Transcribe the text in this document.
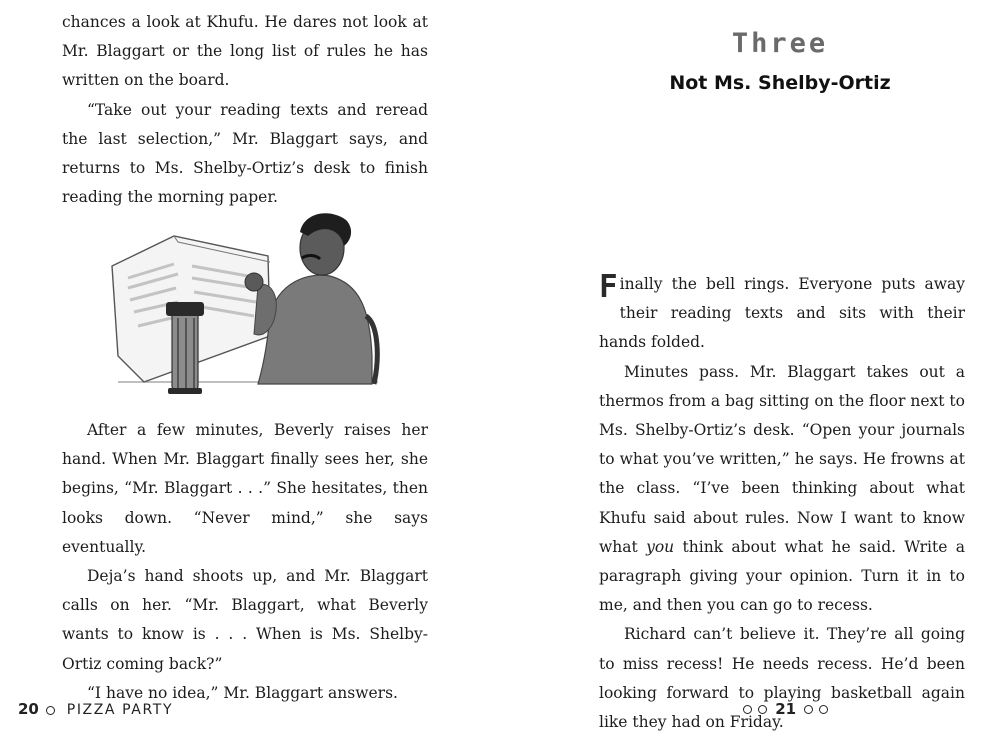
chances a look at Khufu. He dares not look at Mr. Blaggart or the long list of rules he has written on the board.

“Take out your reading texts and reread the last selection,” Mr. Blaggart says, and returns to Ms. Shelby-Ortiz’s desk to finish reading the morning paper.

After a few minutes, Beverly raises her hand. When Mr. Blaggart finally sees her, she begins, “Mr. Blaggart . . .” She hesitates, then looks down. “Never mind,” she says eventually.

Deja’s hand shoots up, and Mr. Blaggart calls on her. “Mr. Blaggart, what Beverly wants to know is . . . When is Ms. Shelby-Ortiz coming back?”

“I have no idea,” Mr. Blaggart answers.

20 PIZZA PARTY
Three
Not Ms. Shelby-Ortiz

Finally the bell rings. Everyone puts away their reading texts and sits with their hands folded.

Minutes pass. Mr. Blaggart takes out a thermos from a bag sitting on the floor next to Ms. Shelby-Ortiz’s desk. “Open your journals to what you’ve written,” he says. He frowns at the class. “I’ve been thinking about what Khufu said about rules. Now I want to know what you think about what he said. Write a paragraph giving your opinion. Turn it in to me, and then you can go to recess.

Richard can’t believe it. They’re all going to miss recess! He needs recess. He’d been looking forward to playing basketball again like they had on Friday.

21
